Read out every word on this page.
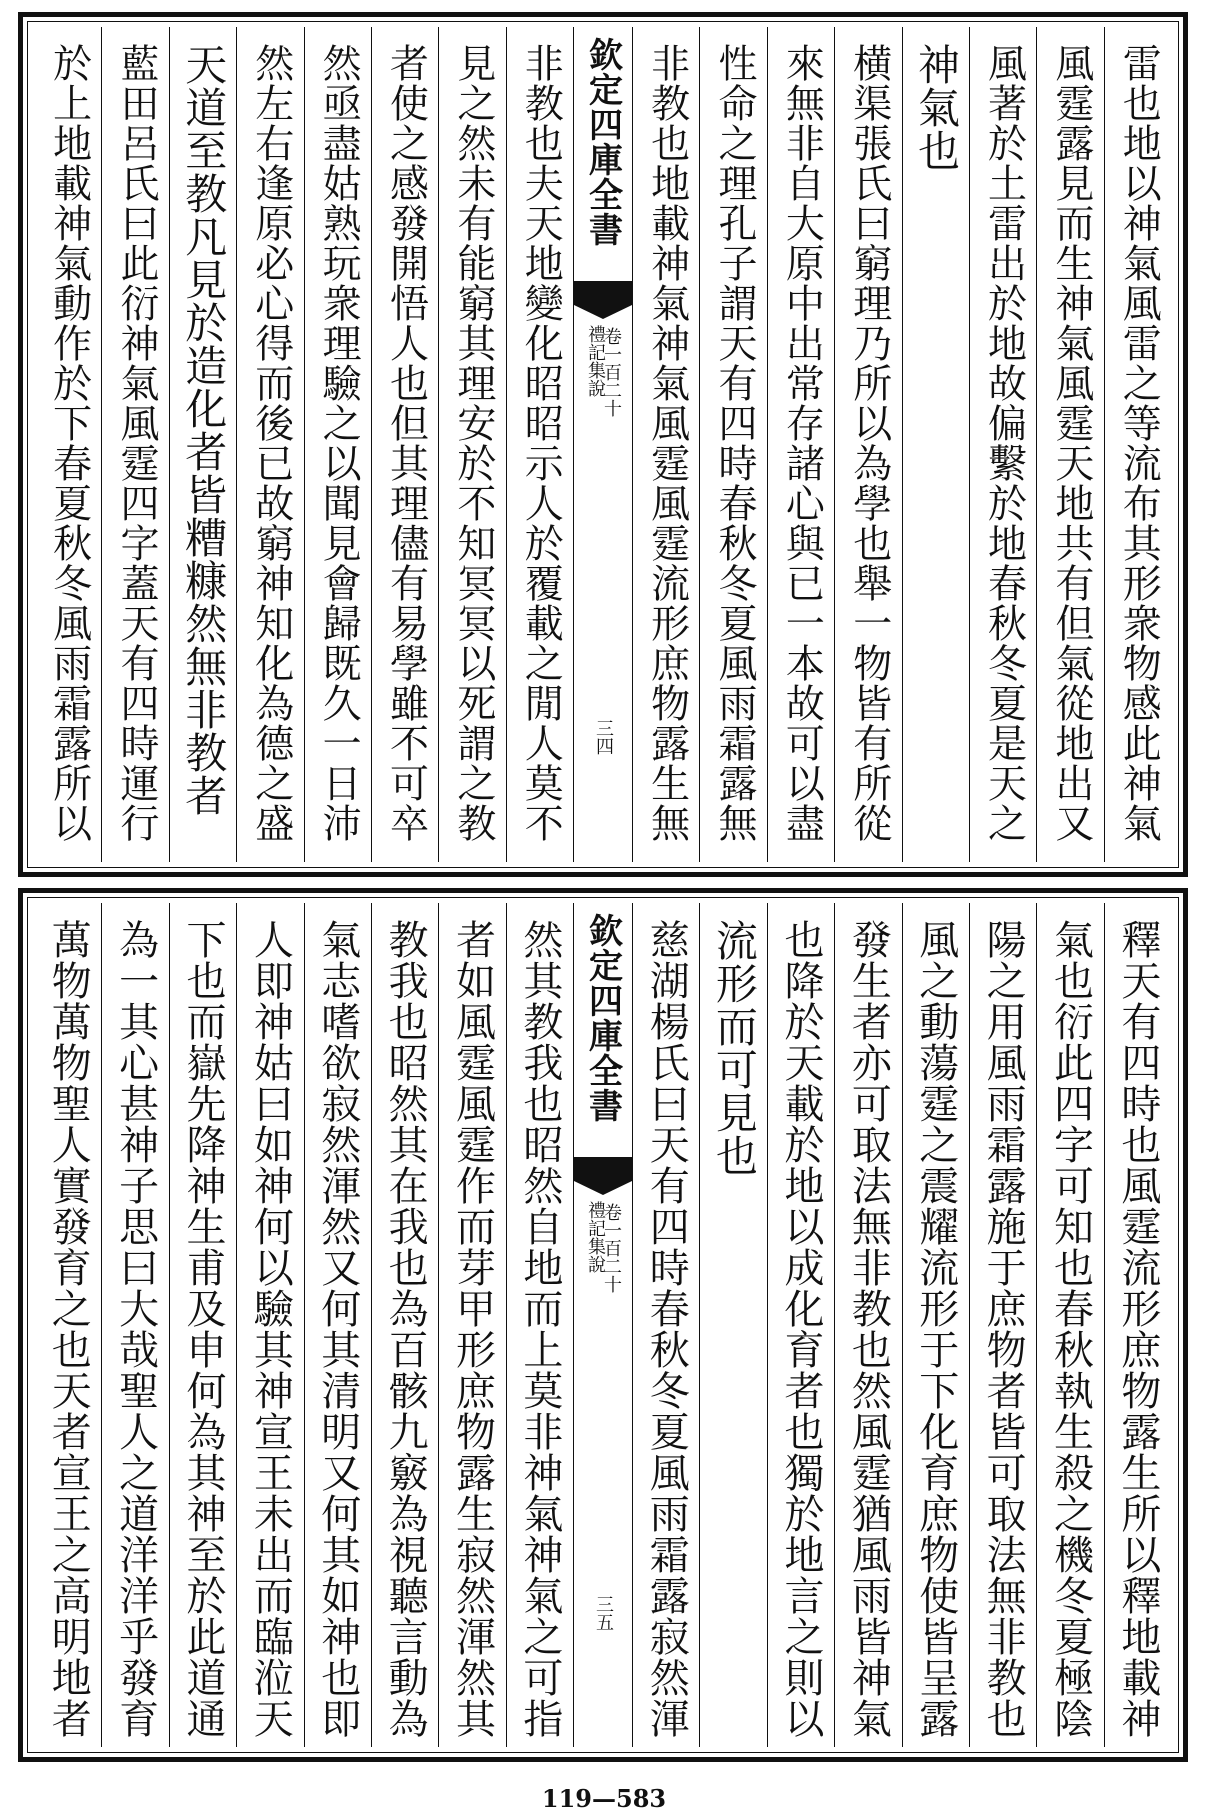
雷也地以神氣風雷之等流布其形衆物感此神氣
風霆露見而生神氣風霆天地共有但氣從地出又
風著於土雷出於地故偏繫於地春秋冬夏是天之
神氣也
横渠張氏曰窮理乃所以為學也舉一物皆有所從
來無非自大原中出常存諸心與已一本故可以盡
性命之理孔子謂天有四時春秋冬夏風雨霜露無
非教也地載神氣神氣風霆風霆流形庶物露生無
欽定四庫全書
禮記集說
卷一百二十
三四
非教也夫天地變化昭昭示人於覆載之閒人莫不
見之然未有能窮其理安於不知冥冥以死謂之教
者使之感發開悟人也但其理儘有易學雖不可卒
然亟盡姑熟玩衆理驗之以聞見會歸既久一日沛
然左右逢原必心得而後已故窮神知化為德之盛
天道至教凡見於造化者皆糟糠然無非教者
藍田呂氏曰此衍神氣風霆四字蓋天有四時運行
於上地載神氣動作於下春夏秋冬風雨霜露所以
釋天有四時也風霆流形庶物露生所以釋地載神
氣也衍此四字可知也春秋執生殺之機冬夏極陰
陽之用風雨霜露施于庶物者皆可取法無非教也
風之動蕩霆之震耀流形于下化育庶物使皆呈露
發生者亦可取法無非教也然風霆猶風雨皆神氣
也降於天載於地以成化育者也獨於地言之則以
流形而可見也
慈湖楊氏曰天有四時春秋冬夏風雨霜露寂然渾
欽定四庫全書
禮記集說
卷一百二十
三五
然其教我也昭然自地而上莫非神氣神氣之可指
者如風霆風霆作而芽甲形庶物露生寂然渾然其
教我也昭然其在我也為百骸九竅為視聽言動為
氣志嗜欲寂然渾然又何其清明又何其如神也即
人即神姑曰如神何以驗其神宣王未出而臨涖天
下也而嶽先降神生甫及申何為其神至於此道通
為一其心甚神子思曰大哉聖人之道洋洋乎發育
萬物萬物聖人實發育之也天者宣王之高明地者
119—583
